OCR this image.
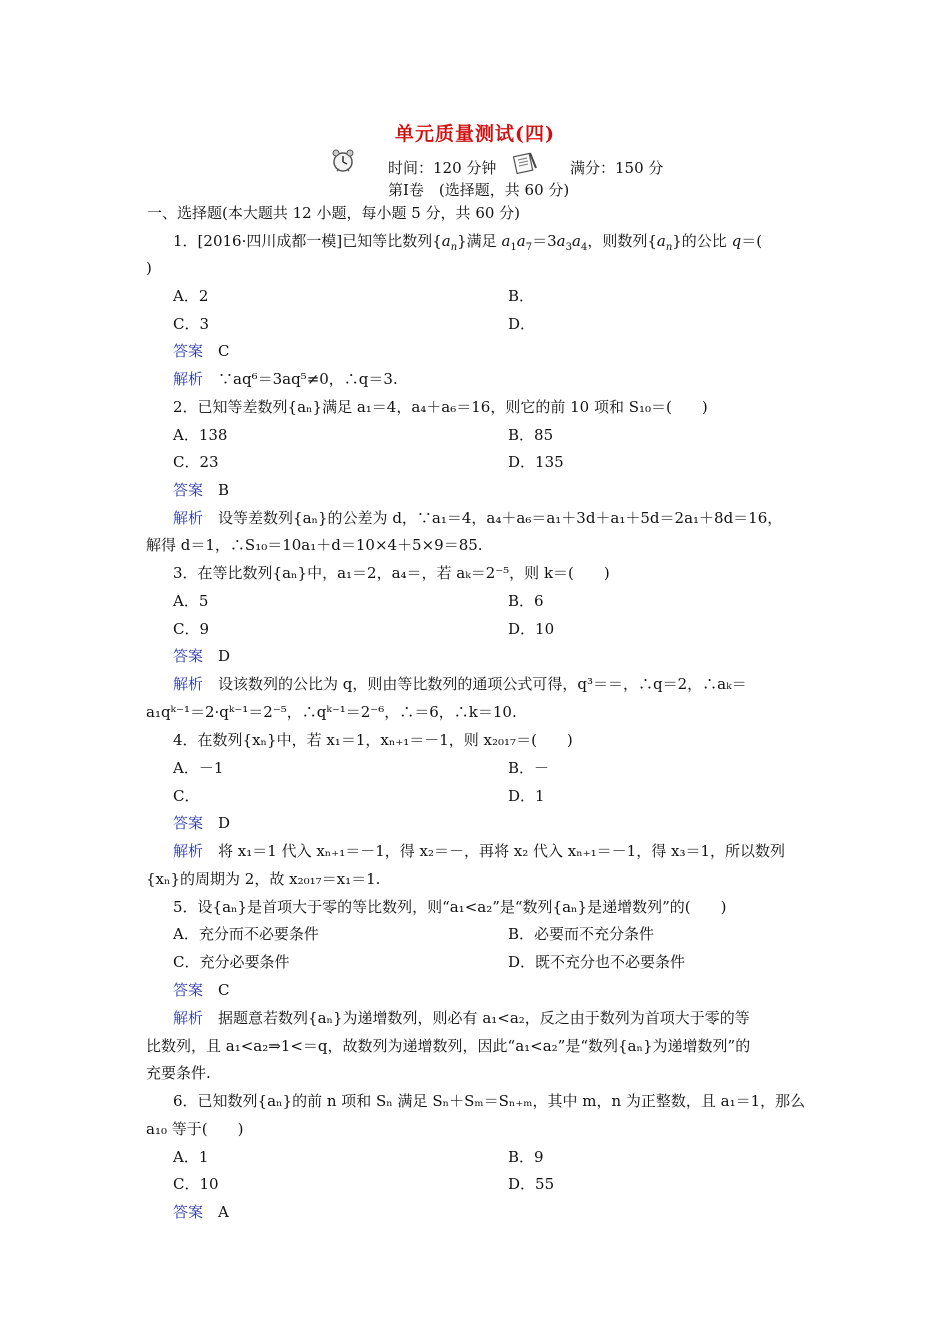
单元质量测试(四)
时间：120 分钟	满分：150 分
第Ⅰ卷　(选择题，共 60 分)
一、选择题(本大题共 12 小题，每小题 5 分，共 60 分)
1．[2016·四川成都一模]已知等比数列$\{a_n\}$满足 $a_1a_7=3a_3a_4$，则数列$\{a_n\}$的公比 q＝(
)
A．2	B．
C．3	D．
答案　 C
解析　 ∵aq⁶＝3aq⁵≠0，∴q＝3.
2．已知等差数列{aₙ}满足 a₁＝4，a₄＋a₆＝16，则它的前 10 项和 S₁₀＝(　　)
A．138	B．85
C．23	D．135
答案　 B
解析　 设等差数列{aₙ}的公差为 d，∵a₁＝4，a₄＋a₆＝a₁＋3d＋a₁＋5d＝2a₁＋8d＝16，
解得 d＝1，∴S₁₀＝10a₁＋d＝10×4＋5×9＝85.
3．在等比数列{aₙ}中，a₁＝2，a₄＝，若 aₖ＝2⁻⁵，则 k＝(　　)
A．5	B．6
C．9	D．10
答案　 D
解析　 设该数列的公比为 q，则由等比数列的通项公式可得，q³＝＝，∴q＝2，∴aₖ＝
a₁qᵏ⁻¹＝2·qᵏ⁻¹＝2⁻⁵，∴qᵏ⁻¹＝2⁻⁶，∴＝6，∴k＝10.
4．在数列{xₙ}中，若 x₁＝1，xₙ₊₁＝－1，则 x₂₀₁₇＝(　　)
A．－1	B．－
C．	D．1
答案　 D
解析　 将 x₁＝1 代入 xₙ₊₁＝－1，得 x₂＝－，再将 x₂ 代入 xₙ₊₁＝－1，得 x₃＝1，所以数列
{xₙ}的周期为 2，故 x₂₀₁₇＝x₁＝1.
5．设{aₙ}是首项大于零的等比数列，则“a₁<a₂”是“数列{aₙ}是递增数列”的(　　)
A．充分而不必要条件	B．必要而不充分条件
C．充分必要条件	D．既不充分也不必要条件
答案　 C
解析　 据题意若数列{aₙ}为递增数列，则必有 a₁<a₂，反之由于数列为首项大于零的等
比数列，且 a₁<a₂⇒1<＝q，故数列为递增数列，因此“a₁<a₂”是“数列{aₙ}为递增数列”的
充要条件.
6．已知数列{aₙ}的前 n 项和 Sₙ 满足 Sₙ＋Sₘ＝Sₙ₊ₘ，其中 m，n 为正整数，且 a₁＝1，那么
a₁₀ 等于(　　)
A．1	B．9
C．10	D．55
答案　 A
